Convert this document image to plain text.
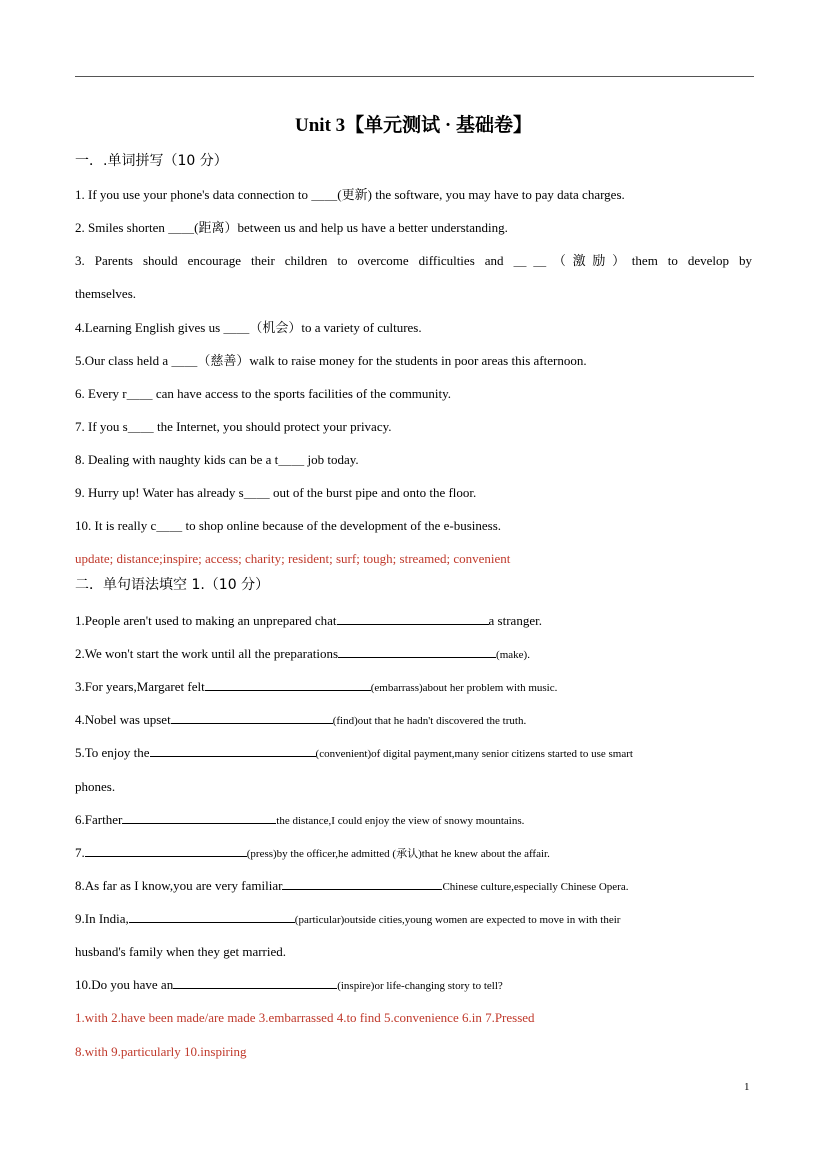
Unit 3【单元测试 · 基础卷】
一．.单词拼写（10 分）
1. If you use your phone's data connection to ＿＿(更新) the software, you may have to pay data charges.
2. Smiles shorten ＿＿(距离）between us and help us have a better understanding.
3. Parents should encourage their children to overcome difficulties and ＿＿（激励）them to develop by
themselves.
4.Learning English gives us ＿＿（机会）to a variety of cultures.
5.Our class held a ＿＿（慈善）walk to raise money for the students in poor areas this afternoon.
6. Every r＿＿ can have access to the sports facilities of the community.
7. If you s＿＿ the Internet, you should protect your privacy.
8. Dealing with naughty kids can be a t＿＿ job today.
9. Hurry up! Water has already s＿＿ out of the burst pipe and onto the floor.
10. It is really c＿＿ to shop online because of the development of the e-business.
update; distance;inspire; access; charity; resident; surf; tough; streamed; convenient
二．单句语法填空 1.（10 分）
1.People aren't used to making an unprepared chat	a stranger.
2.We won't start the work until all the preparations	(make).
3.For years,Margaret felt	(embarrass)about her problem with music.
4.Nobel was upset	(find)out that he hadn't discovered the truth.
5.To enjoy the	(convenient)of digital payment,many senior citizens started to use smart
phones.
6.Farther	the distance,I could enjoy the view of snowy mountains.
7.	(press)by the officer,he admitted (承认)that he knew about the affair.
8.As far as I know,you are very familiar	Chinese culture,especially Chinese Opera.
9.In India,	(particular)outside cities,young women are expected to move in with their
husband's family when they get married.
10.Do you have an	(inspire)or life-changing story to tell?
1.with 2.have been made/are made 3.embarrassed 4.to find 5.convenience 6.in 7.Pressed
8.with 9.particularly 10.inspiring
1
